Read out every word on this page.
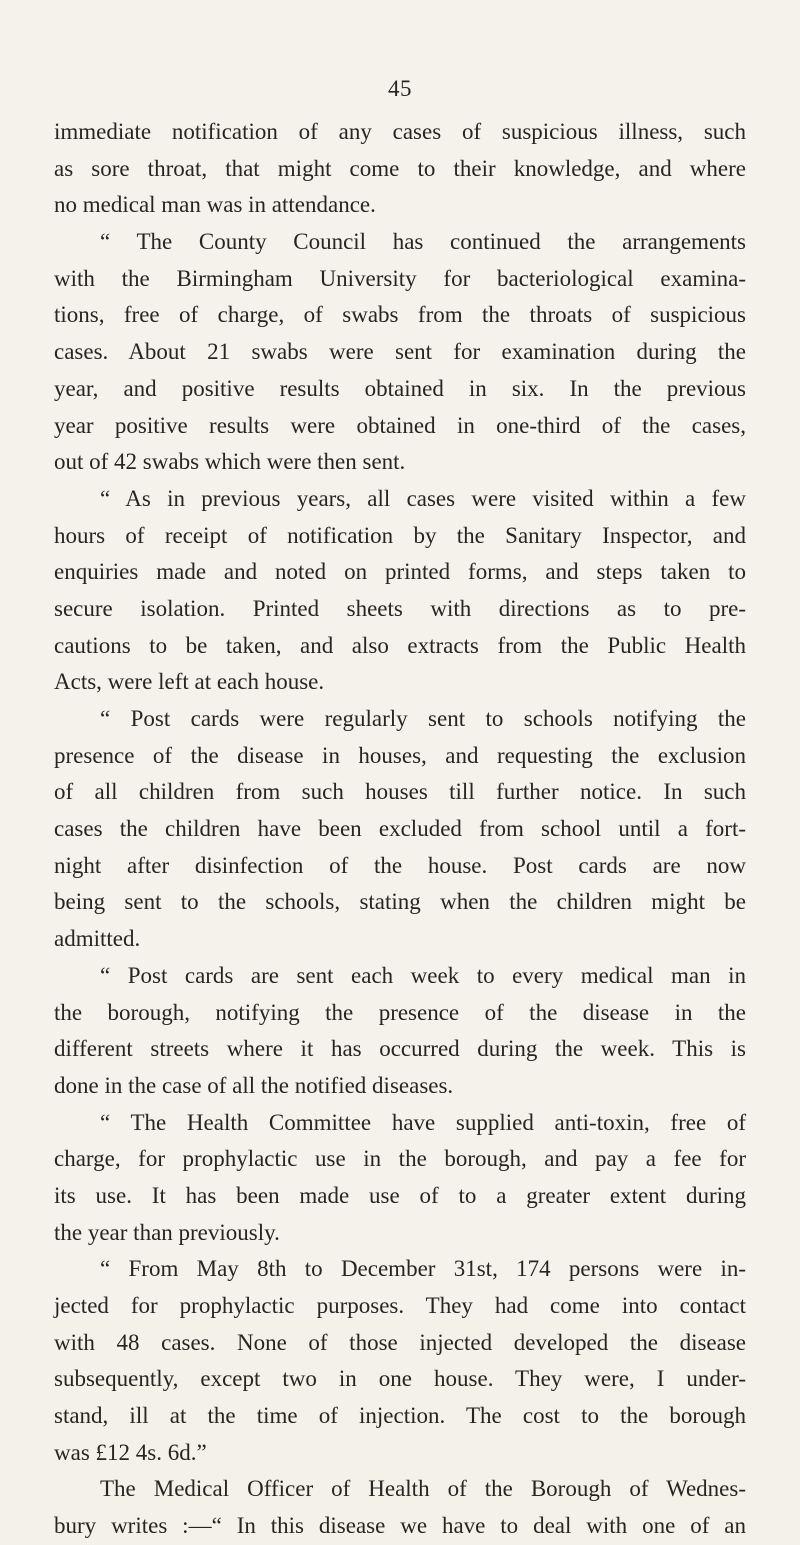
45
immediate notification of any cases of suspicious illness, such
as sore throat, that might come to their knowledge, and where
no medical man was in attendance.
“ The County Council has continued the arrangements
with the Birmingham University for bacteriological examina-
tions, free of charge, of swabs from the throats of suspicious
cases. About 21 swabs were sent for examination during the
year, and positive results obtained in six. In the previous
year positive results were obtained in one-third of the cases,
out of 42 swabs which were then sent.
“ As in previous years, all cases were visited within a few
hours of receipt of notification by the Sanitary Inspector, and
enquiries made and noted on printed forms, and steps taken to
secure isolation. Printed sheets with directions as to pre-
cautions to be taken, and also extracts from the Public Health
Acts, were left at each house.
“ Post cards were regularly sent to schools notifying the
presence of the disease in houses, and requesting the exclusion
of all children from such houses till further notice. In such
cases the children have been excluded from school until a fort-
night after disinfection of the house. Post cards are now
being sent to the schools, stating when the children might be
admitted.
“ Post cards are sent each week to every medical man in
the borough, notifying the presence of the disease in the
different streets where it has occurred during the week. This is
done in the case of all the notified diseases.
“ The Health Committee have supplied anti-toxin, free of
charge, for prophylactic use in the borough, and pay a fee for
its use. It has been made use of to a greater extent during
the year than previously.
“ From May 8th to December 31st, 174 persons were in-
jected for prophylactic purposes. They had come into contact
with 48 cases. None of those injected developed the disease
subsequently, except two in one house. They were, I under-
stand, ill at the time of injection. The cost to the borough
was £12 4s. 6d.”
The Medical Officer of Health of the Borough of Wednes-
bury writes :—“ In this disease we have to deal with one of an
